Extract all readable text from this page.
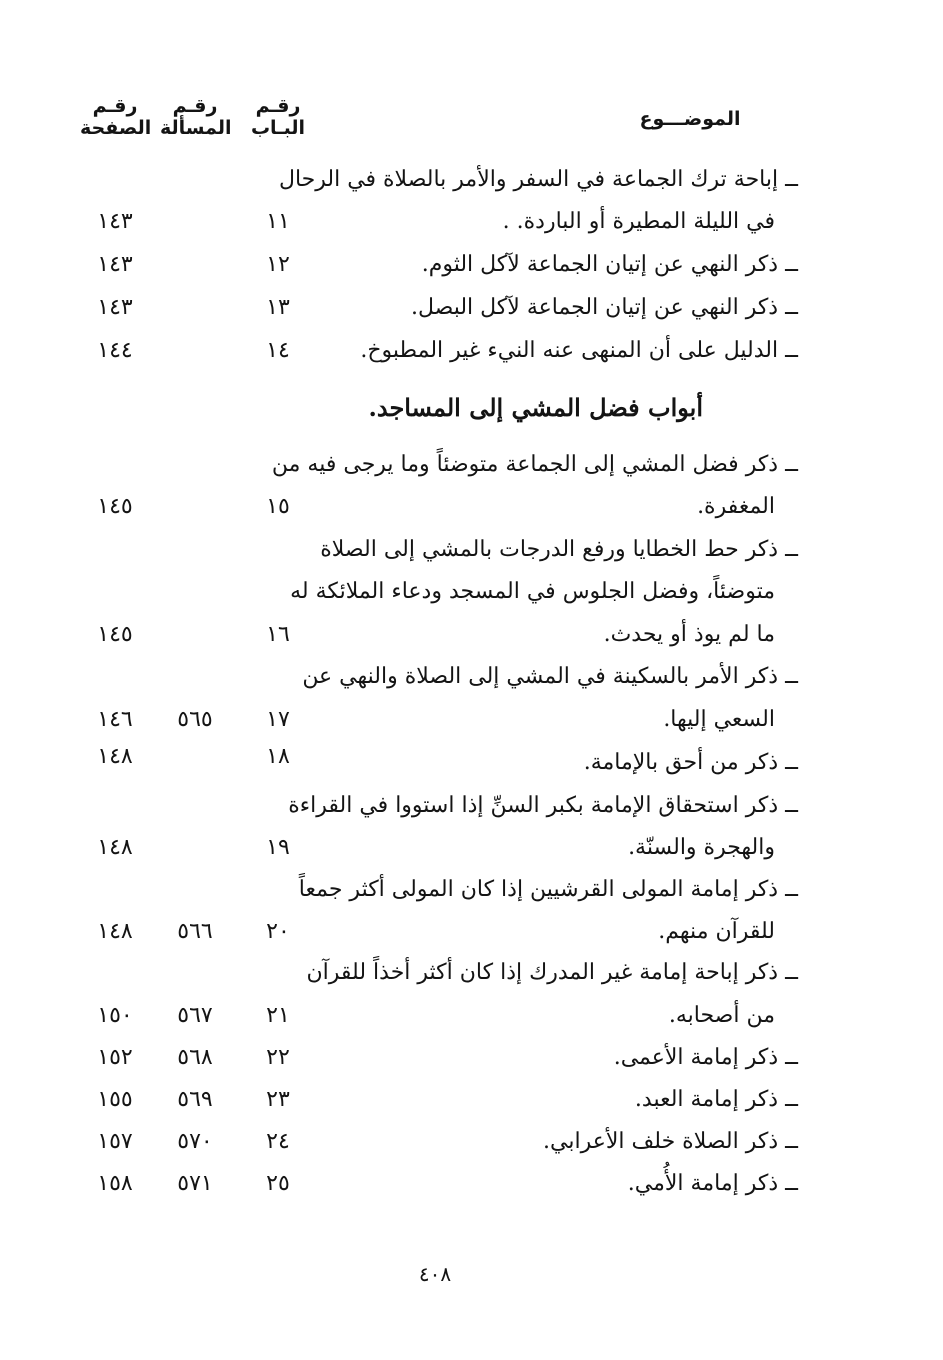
الموضـــوع
رقـم
البـاب
رقـم
المسألة
رقـم
الصفحة
ــ إباحة ترك الجماعة في السفر والأمر بالصلاة في الرحال
في الليلة المطيرة أو الباردة. .
١١
١٤٣
ــ ذكر النهي عن إتيان الجماعة لآكل الثوم.
١٢
١٤٣
ــ ذكر النهي عن إتيان الجماعة لآكل البصل.
١٣
١٤٣
ــ الدليل على أن المنهى عنه النيء غير المطبوخ.
١٤
١٤٤
أبواب فضل المشي إلى المساجد.
ــ ذكر فضل المشي إلى الجماعة متوضئاً وما يرجى فيه من
المغفرة.
١٥
١٤٥
ــ ذكر حط الخطايا ورفع الدرجات بالمشي إلى الصلاة
متوضئاً، وفضل الجلوس في المسجد ودعاء الملائكة له
ما لم يوذ أو يحدث.
١٦
١٤٥
ــ ذكر الأمر بالسكينة في المشي إلى الصلاة والنهي عن
السعي إليها.
١٧
٥٦٥
١٤٦
ــ ذكر من أحق بالإمامة.
١٨
١٤٨
ــ ذكر استحقاق الإمامة بكبر السنِّ إذا استووا في القراءة
والهجرة والسنّة.
١٩
١٤٨
ــ ذكر إمامة المولى القرشيين إذا كان المولى أكثر جمعاً
للقرآن منهم.
٢٠
٥٦٦
١٤٨
ــ ذكر إباحة إمامة غير المدرك إذا كان أكثر أخذاً للقرآن
من أصحابه.
٢١
٥٦٧
١٥٠
ــ ذكر إمامة الأعمى.
٢٢
٥٦٨
١٥٢
ــ ذكر إمامة العبد.
٢٣
٥٦٩
١٥٥
ــ ذكر الصلاة خلف الأعرابي.
٢٤
٥٧٠
١٥٧
ــ ذكر إمامة الأُمي.
٢٥
٥٧١
١٥٨
٤٠٨
